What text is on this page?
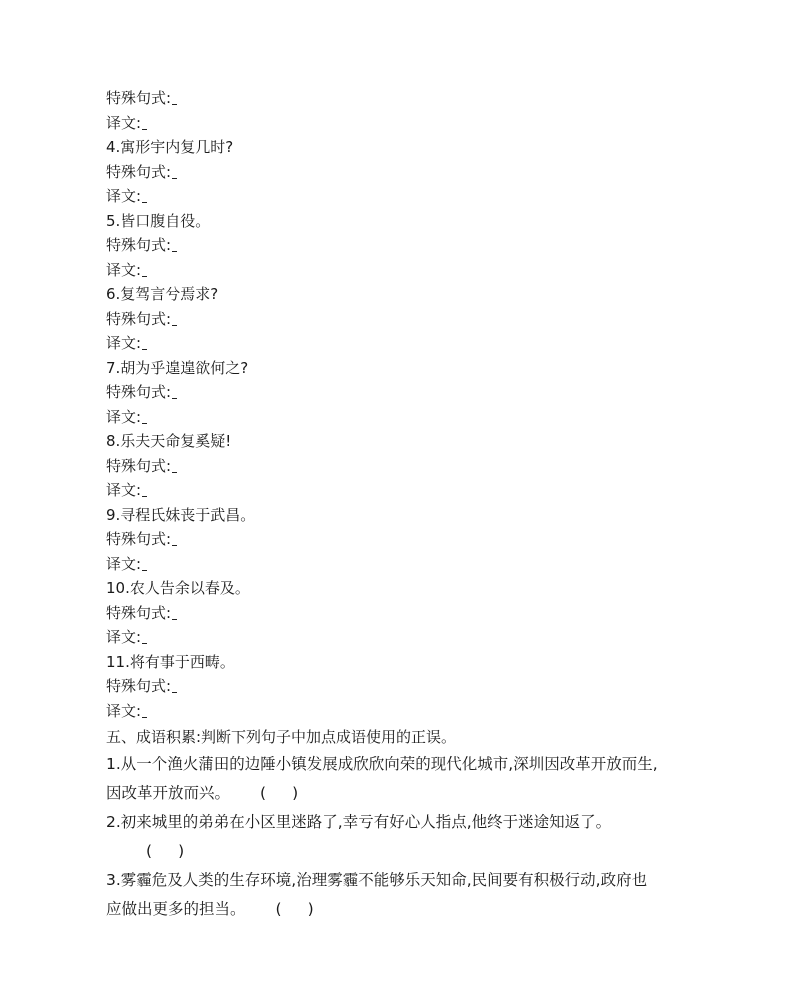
特殊句式:
译文:
4.寓形宇内复几时?
特殊句式:
译文:
5.皆口腹自役。
特殊句式:
译文:
6.复驾言兮焉求?
特殊句式:
译文:
7.胡为乎遑遑欲何之?
特殊句式:
译文:
8.乐夫天命复奚疑!
特殊句式:
译文:
9.寻程氏妹丧于武昌。
特殊句式:
译文:
10.农人告余以春及。
特殊句式:
译文:
11.将有事于西畴。
特殊句式:
译文:
五、成语积累:判断下列句子中加点成语使用的正误。
1.从一个渔火蒲田的边陲小镇发展成欣欣向荣的现代化城市,深圳因改革开放而生,
因改革开放而兴。 ( )
2.初来城里的弟弟在小区里迷路了,幸亏有好心人指点,他终于迷途知返了。
( )
3.雾霾危及人类的生存环境,治理雾霾不能够乐天知命,民间要有积极行动,政府也
应做出更多的担当。 ( )
